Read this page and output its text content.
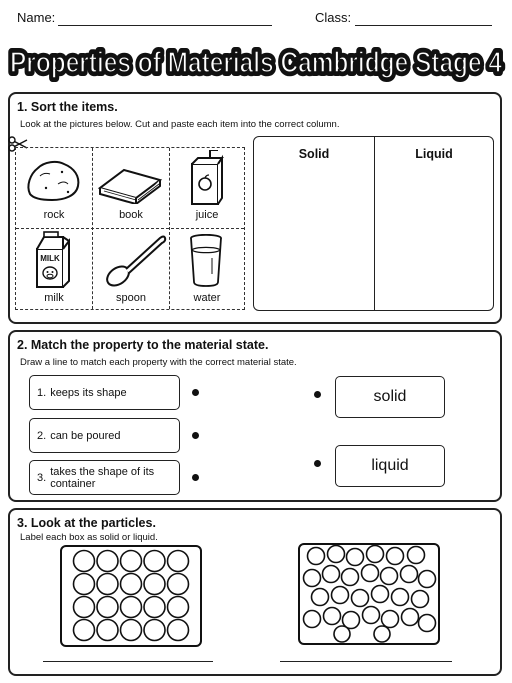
Name:	Class:
Properties of Materials Cambridge Stage 4
Properties of Materials Cambridge Stage 4
1. Sort the items.
Look at the pictures below. Cut and paste each item into the correct column.
rock	book	juice
MILK
milk	spoon	water
Solid	Liquid
2. Match the property to the material state.
Draw a line to match each property with the correct material state.
1. keeps its shape
2. can be poured
3. takes the shape of its container
solid
liquid
3. Look at the particles.
Label each box as solid or liquid.
